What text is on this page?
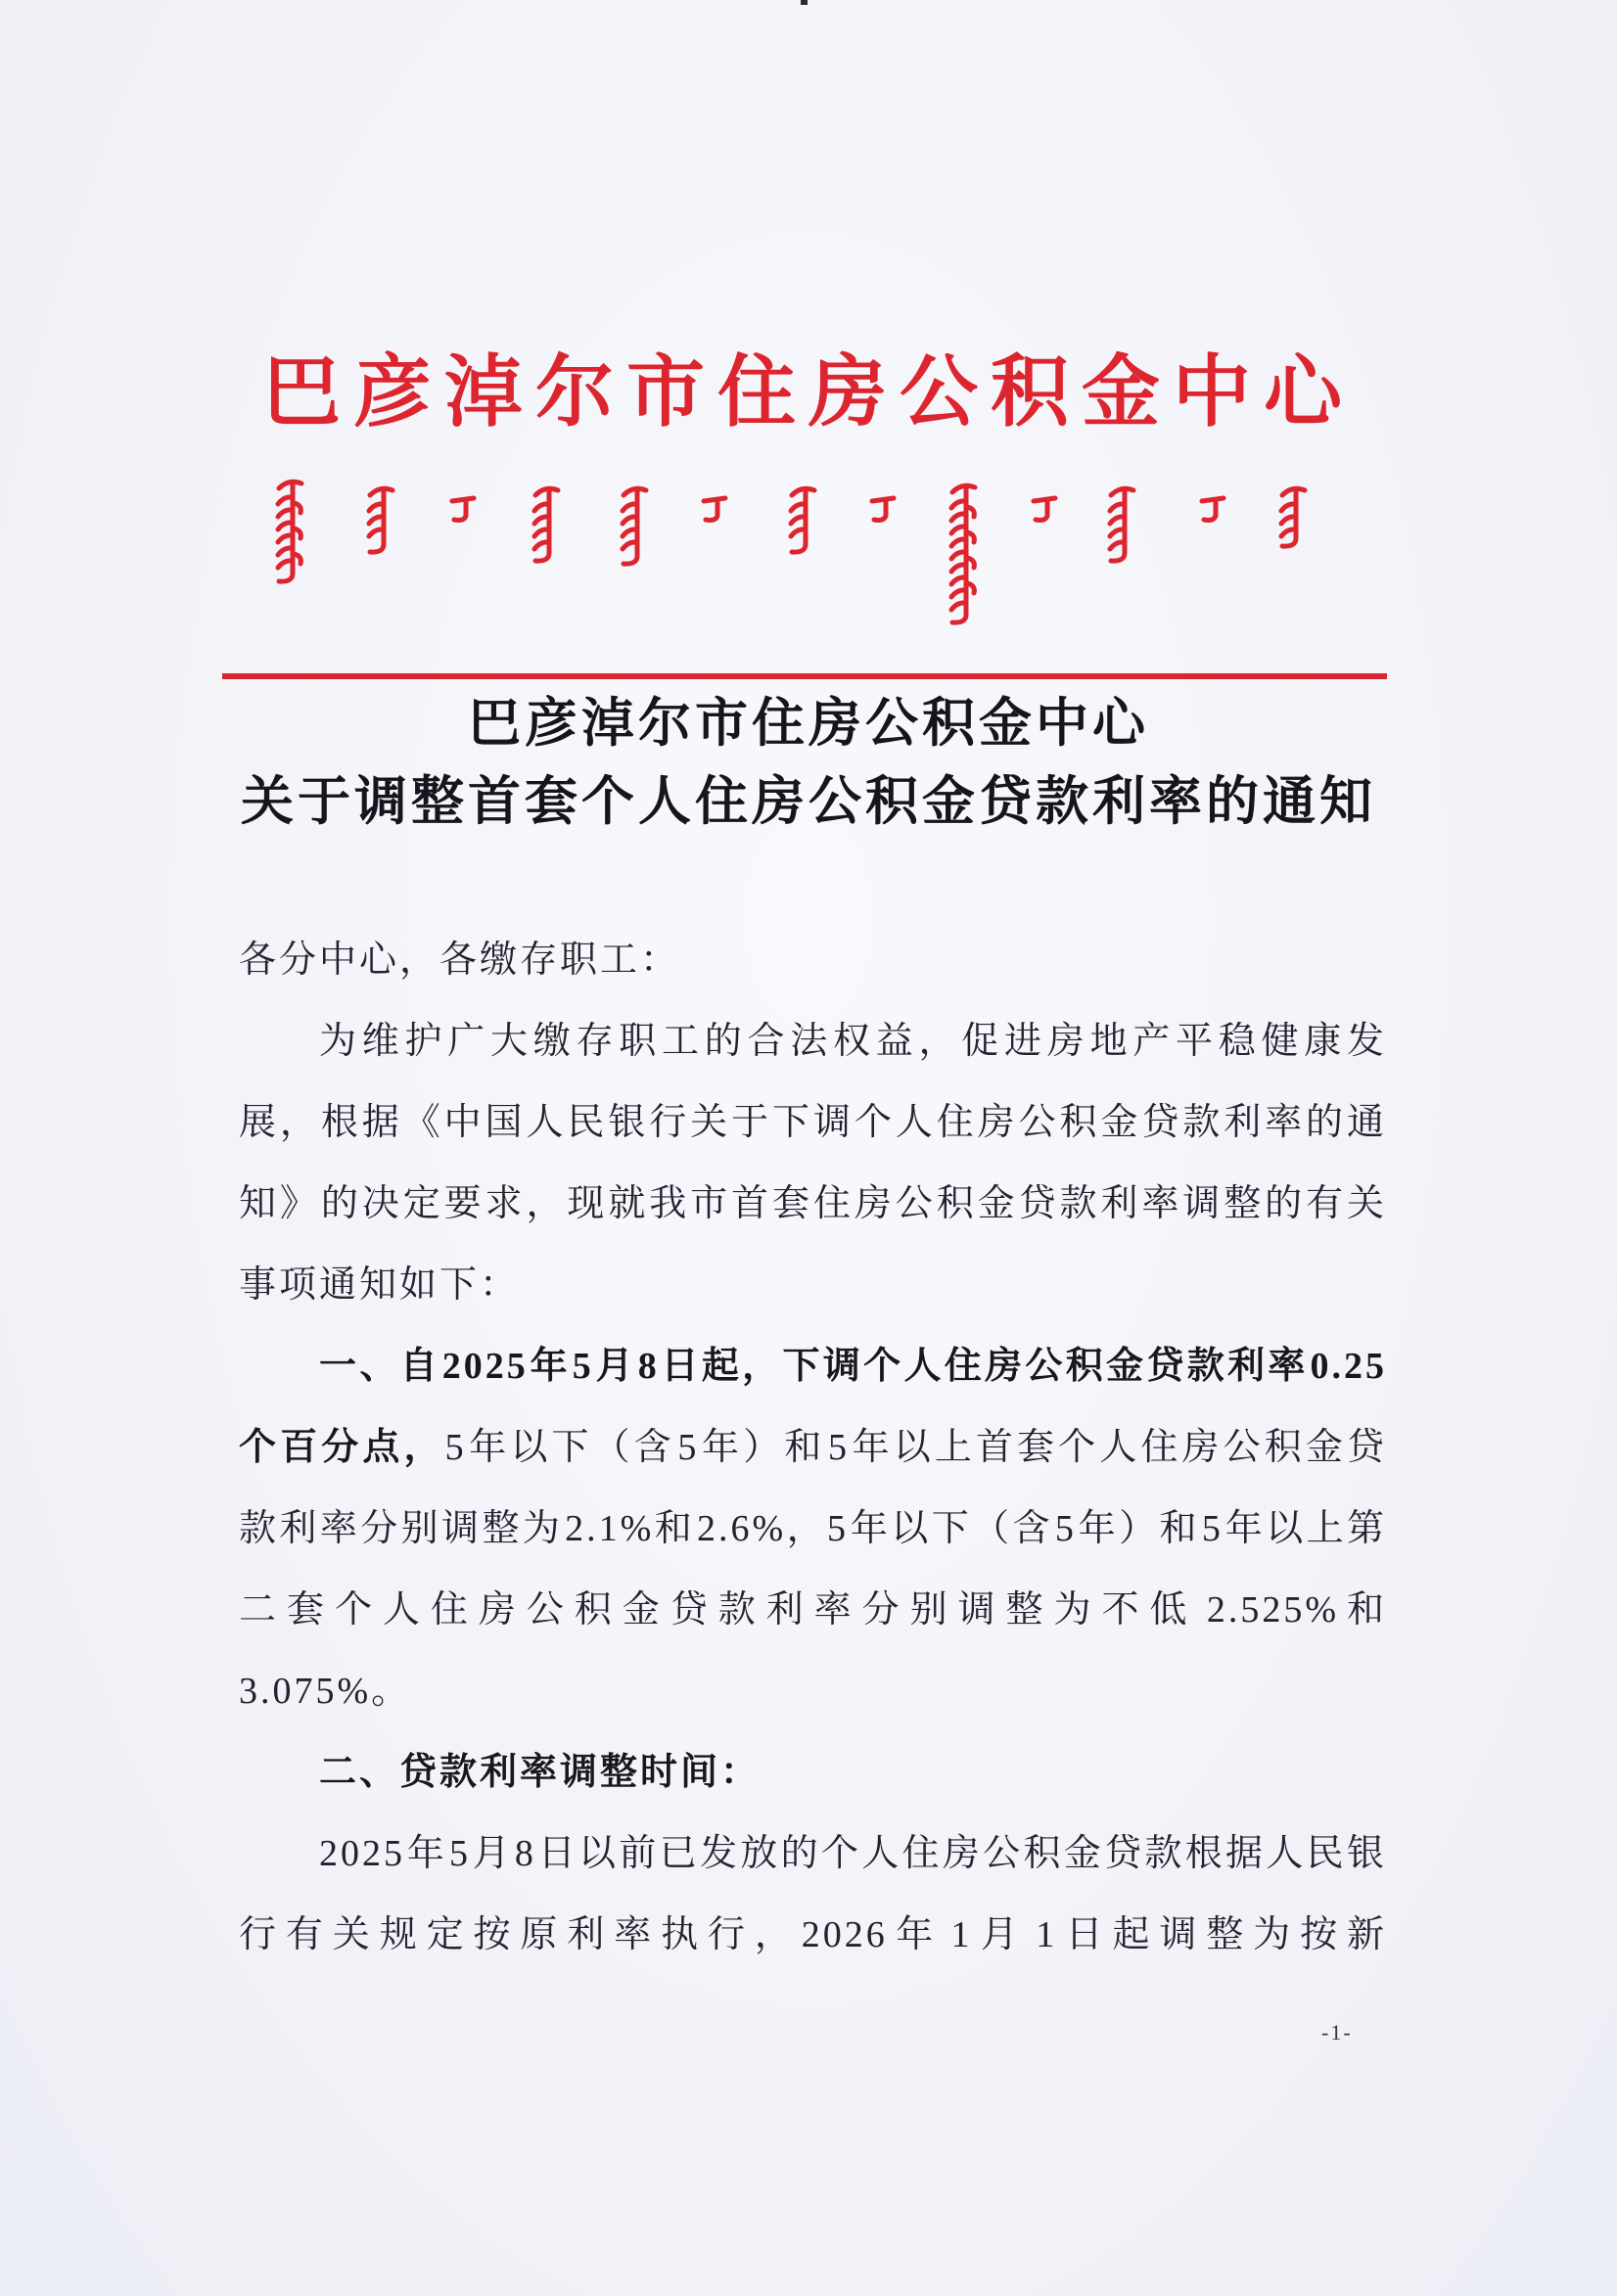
巴彦淖尔市住房公积金中心
巴彦淖尔市住房公积金中心
关于调整首套个人住房公积金贷款利率的通知

各分中心，各缴存职工：

为维护广大缴存职工的合法权益，促进房地产平稳健康发展，根据《中国人民银行关于下调个人住房公积金贷款利率的通知》的决定要求，现就我市首套住房公积金贷款利率调整的有关事项通知如下：

一、自 2025 年 5 月 8 日起，下调个人住房公积金贷款利率 0.25 个百分点，5 年以下（含 5 年）和 5 年以上首套个人住房公积金贷款利率分别调整为 2.1%和 2.6%，5 年以下（含 5 年）和 5 年以上第二套个人住房公积金贷款利率分别调整为不低 2.525%和 3.075%。

二、贷款利率调整时间：

2025 年 5 月 8 日以前已发放的个人住房公积金贷款根据人民银行有关规定按原利率执行，2026 年 1 月 1 日起调整为按新

-1-
